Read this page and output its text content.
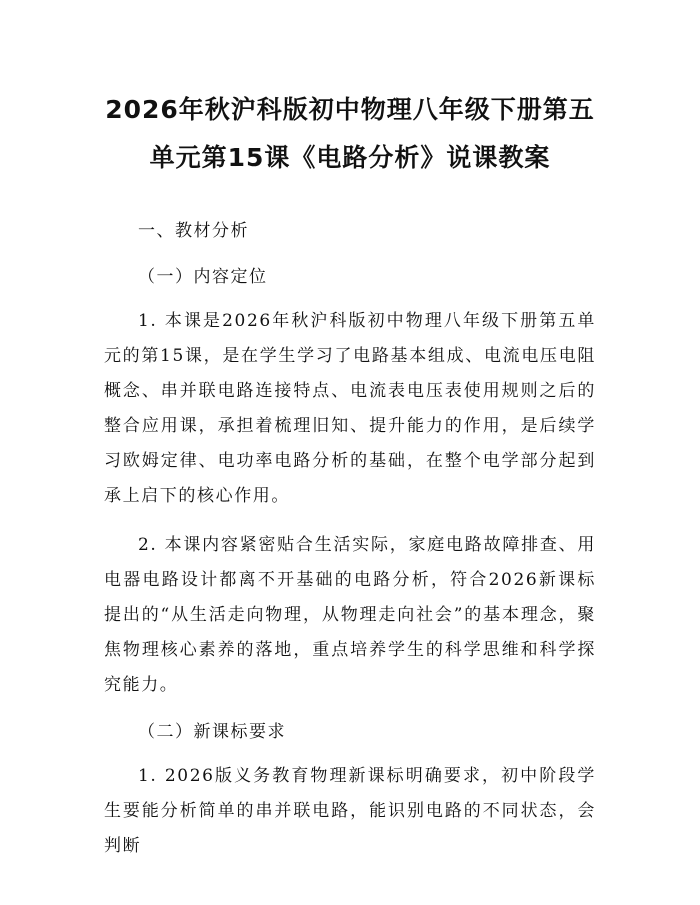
2026年秋沪科版初中物理八年级下册第五单元第15课《电路分析》说课教案

一、教材分析

（一）内容定位

1. 本课是2026年秋沪科版初中物理八年级下册第五单元的第15课，是在学生学习了电路基本组成、电流电压电阻概念、串并联电路连接特点、电流表电压表使用规则之后的整合应用课，承担着梳理旧知、提升能力的作用，是后续学习欧姆定律、电功率电路分析的基础，在整个电学部分起到承上启下的核心作用。

2. 本课内容紧密贴合生活实际，家庭电路故障排查、用电器电路设计都离不开基础的电路分析，符合2026新课标提出的“从生活走向物理，从物理走向社会”的基本理念，聚焦物理核心素养的落地，重点培养学生的科学思维和科学探究能力。

（二）新课标要求

1. 2026版义务教育物理新课标明确要求，初中阶段学生要能分析简单的串并联电路，能识别电路的不同状态，会判断
